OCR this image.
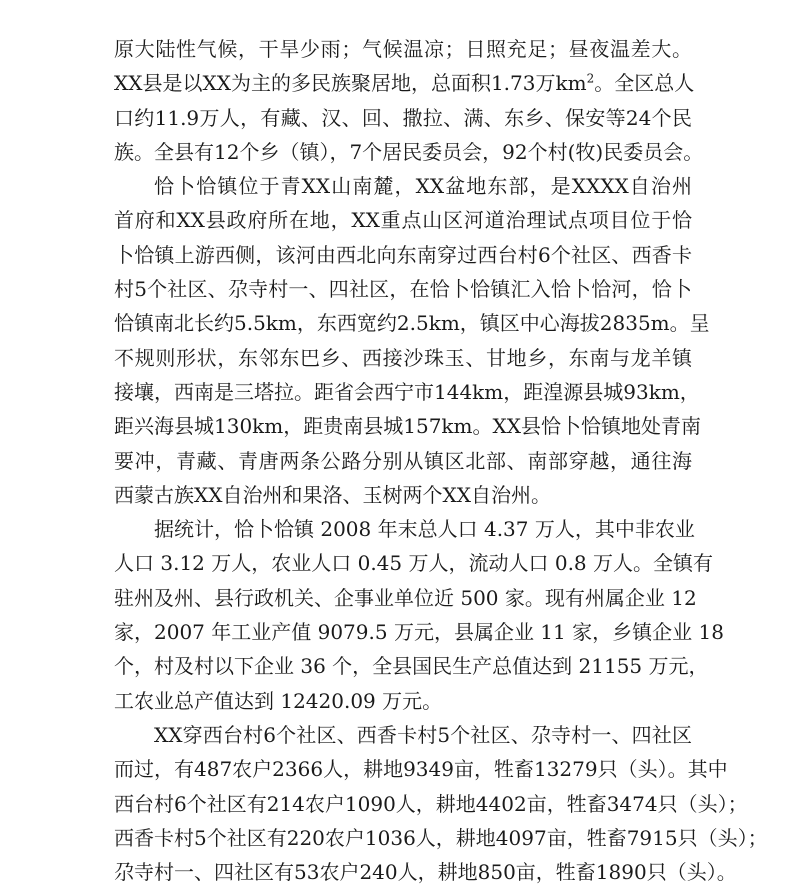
原大陆性气候，干旱少雨；气候温凉；日照充足；昼夜温差大。
XX县是以XX为主的多民族聚居地，总面积1.73万$km^2$。全区总人
口约11.9万人，有藏、汉、回、撒拉、满、东乡、保安等24个民
族。全县有12个乡（镇），7个居民委员会，92个村(牧)民委员会。
恰卜恰镇位于青XX山南麓，XX盆地东部，是XXXX自治州
首府和XX县政府所在地，XX重点山区河道治理试点项目位于恰
卜恰镇上游西侧，该河由西北向东南穿过西台村6个社区、西香卡
村5个社区、尕寺村一、四社区，在恰卜恰镇汇入恰卜恰河，恰卜
恰镇南北长约5.5km，东西宽约2.5km，镇区中心海拔2835m。呈
不规则形状，东邻东巴乡、西接沙珠玉、甘地乡，东南与龙羊镇
接壤，西南是三塔拉。距省会西宁市144km，距湟源县城93km，
距兴海县城130km，距贵南县城157km。XX县恰卜恰镇地处青南
要冲，青藏、青唐两条公路分别从镇区北部、南部穿越，通往海
西蒙古族XX自治州和果洛、玉树两个XX自治州。
据统计，恰卜恰镇 2008 年末总人口 4.37 万人，其中非农业
人口 3.12 万人，农业人口 0.45 万人，流动人口 0.8 万人。全镇有
驻州及州、县行政机关、企事业单位近 500 家。现有州属企业 12
家，2007 年工业产值 9079.5 万元，县属企业 11 家，乡镇企业 18
个，村及村以下企业 36 个，全县国民生产总值达到 21155 万元，
工农业总产值达到 12420.09 万元。
XX穿西台村6个社区、西香卡村5个社区、尕寺村一、四社区
而过，有487农户2366人，耕地9349亩，牲畜13279只（头）。其中
西台村6个社区有214农户1090人，耕地4402亩，牲畜3474只（头）；
西香卡村5个社区有220农户1036人，耕地4097亩，牲畜7915只（头）；
尕寺村一、四社区有53农户240人，耕地850亩，牲畜1890只（头）。
